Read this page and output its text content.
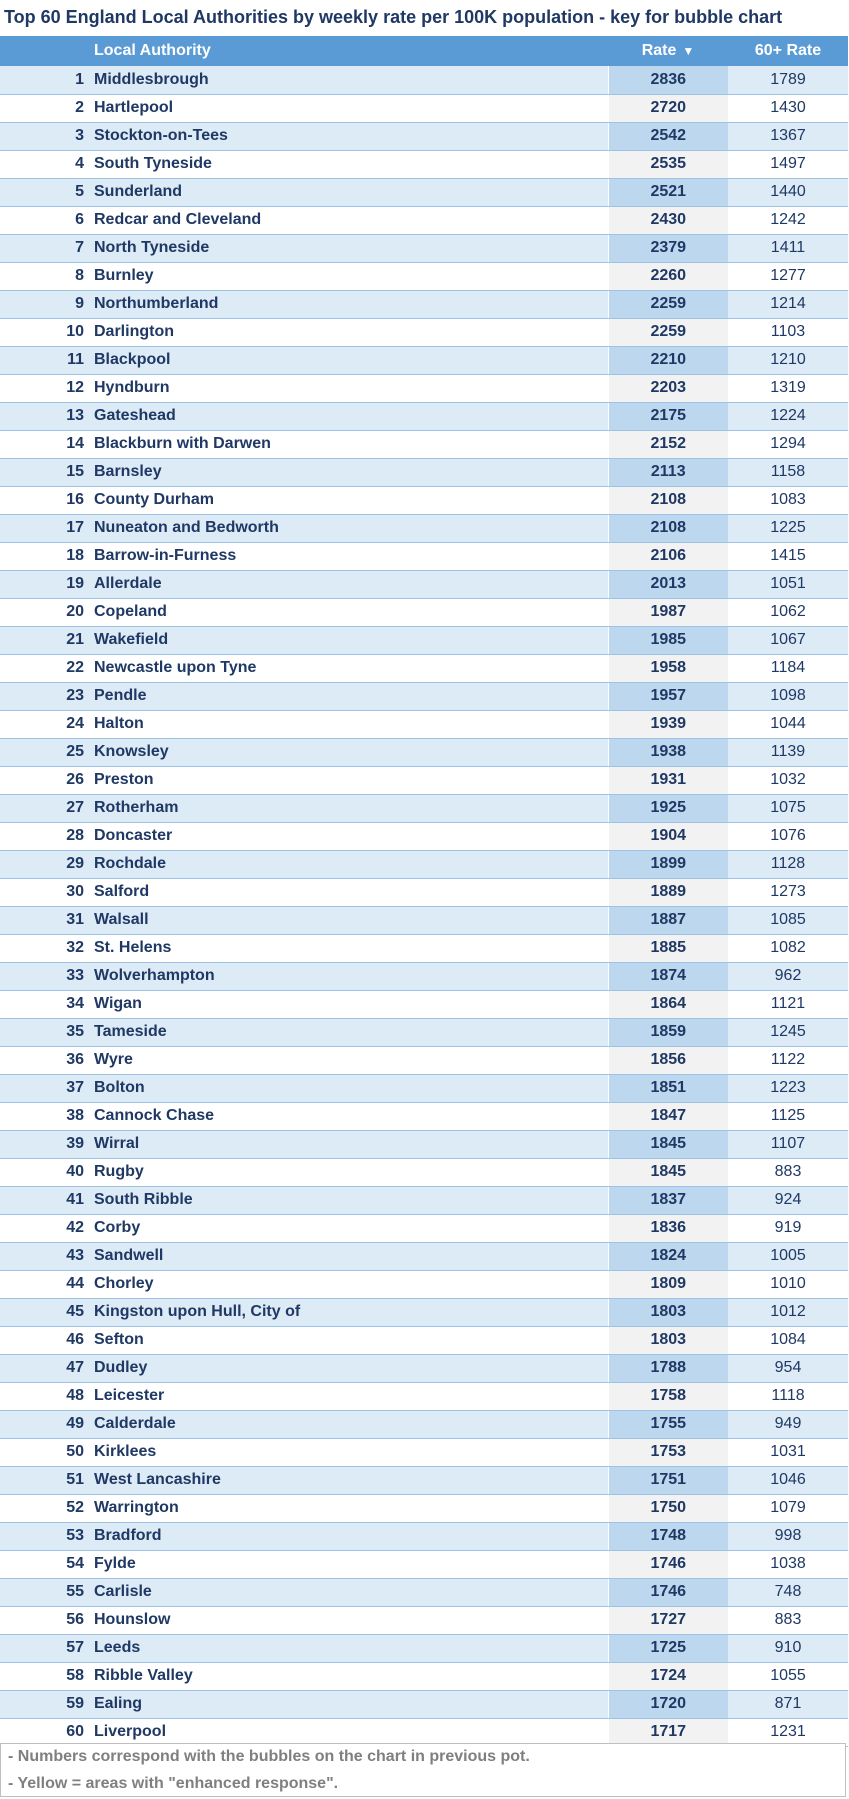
Top 60 England Local Authorities by weekly rate per 100K population - key for bubble chart
	Local Authority	Rate ▼	60+ Rate
1	Middlesbrough	2836	1789
2	Hartlepool	2720	1430
3	Stockton-on-Tees	2542	1367
4	South Tyneside	2535	1497
5	Sunderland	2521	1440
6	Redcar and Cleveland	2430	1242
7	North Tyneside	2379	1411
8	Burnley	2260	1277
9	Northumberland	2259	1214
10	Darlington	2259	1103
11	Blackpool	2210	1210
12	Hyndburn	2203	1319
13	Gateshead	2175	1224
14	Blackburn with Darwen	2152	1294
15	Barnsley	2113	1158
16	County Durham	2108	1083
17	Nuneaton and Bedworth	2108	1225
18	Barrow-in-Furness	2106	1415
19	Allerdale	2013	1051
20	Copeland	1987	1062
21	Wakefield	1985	1067
22	Newcastle upon Tyne	1958	1184
23	Pendle	1957	1098
24	Halton	1939	1044
25	Knowsley	1938	1139
26	Preston	1931	1032
27	Rotherham	1925	1075
28	Doncaster	1904	1076
29	Rochdale	1899	1128
30	Salford	1889	1273
31	Walsall	1887	1085
32	St. Helens	1885	1082
33	Wolverhampton	1874	962
34	Wigan	1864	1121
35	Tameside	1859	1245
36	Wyre	1856	1122
37	Bolton	1851	1223
38	Cannock Chase	1847	1125
39	Wirral	1845	1107
40	Rugby	1845	883
41	South Ribble	1837	924
42	Corby	1836	919
43	Sandwell	1824	1005
44	Chorley	1809	1010
45	Kingston upon Hull, City of	1803	1012
46	Sefton	1803	1084
47	Dudley	1788	954
48	Leicester	1758	1118
49	Calderdale	1755	949
50	Kirklees	1753	1031
51	West Lancashire	1751	1046
52	Warrington	1750	1079
53	Bradford	1748	998
54	Fylde	1746	1038
55	Carlisle	1746	748
56	Hounslow	1727	883
57	Leeds	1725	910
58	Ribble Valley	1724	1055
59	Ealing	1720	871
60	Liverpool	1717	1231
- Numbers correspond with the bubbles on the chart in previous pot.
- Yellow = areas with "enhanced response".
